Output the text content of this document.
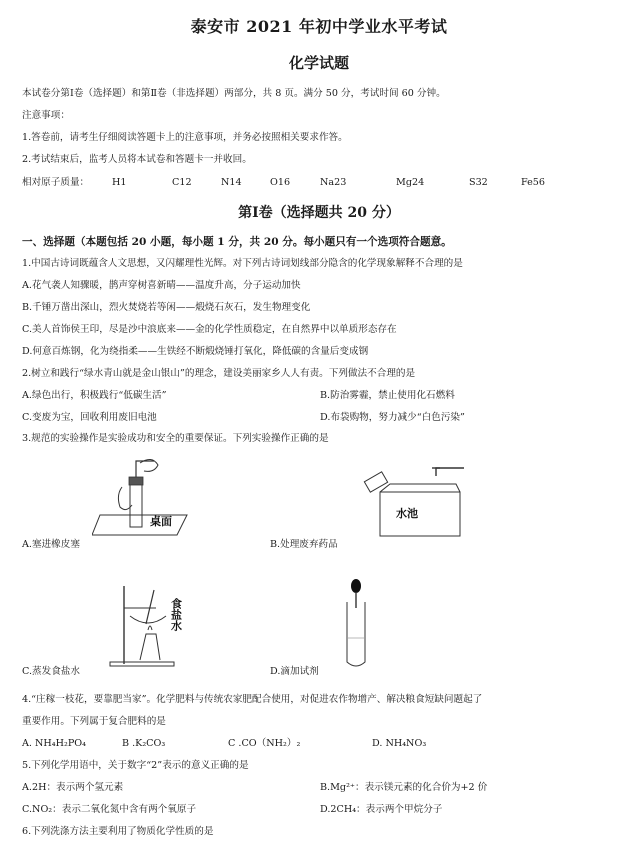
泰安市 2021 年初中学业水平考试
化学试题
本试卷分第Ⅰ卷（选择题）和第Ⅱ卷（非选择题）两部分，共 8 页。满分 50 分，考试时间 60 分钟。
注意事项：
1.答卷前，请考生仔细阅读答题卡上的注意事项，并务必按照相关要求作答。
2.考试结束后，监考人员将本试卷和答题卡一并收回。
相对原子质量： H1	C12	N14	O16	Na23	Mg24	S32	Fe56
第Ⅰ卷（选择题共 20 分）
一、选择题（本题包括 20 小题，每小题 1 分，共 20 分。每小题只有一个选项符合题意。
1.中国古诗词既蕴含人文思想，又闪耀理性光辉。对下列古诗词划线部分隐含的化学现象解释不合理的是
A.花气袭人知骤暖，鹊声穿树喜新晴——温度升高，分子运动加快
B.千锤万凿出深山，烈火焚烧若等闲——煅烧石灰石，发生物理变化
C.美人首饰侯王印，尽是沙中浪底来——金的化学性质稳定，在自然界中以单质形态存在
D.何意百炼钢，化为绕指柔——生铁经不断煅烧锤打氧化，降低碳的含量后变成钢
2.树立和践行“绿水青山就是金山银山”的理念，建设美丽家乡人人有责。下列做法不合理的是
A.绿色出行，积极践行“低碳生活”	B.防治雾霾，禁止使用化石燃料
C.变废为宝，回收利用废旧电池	D.布袋购物，努力减少“白色污染”
3.规范的实验操作是实验成功和安全的重要保证。下列实验操作正确的是
桌面
A.塞进橡皮塞
水池
B.处理废弃药品
食盐水
C.蒸发食盐水	D.滴加试剂
4.“庄稼一枝花，要靠肥当家”。化学肥料与传统农家肥配合使用，对促进农作物增产、解决粮食短缺问题起了
重要作用。下列属于复合肥料的是
A. NH₄H₂PO₄	B .K₂CO₃	C .CO（NH₂）₂	D. NH₄NO₃
5.下列化学用语中，关于数字“2”表示的意义正确的是
A.2H：表示两个氢元素	B.Mg²⁺：表示镁元素的化合价为+2 价
C.NO₂：表示二氧化氮中含有两个氧原子	D.2CH₄：表示两个甲烷分子
6.下列洗涤方法主要利用了物质化学性质的是
